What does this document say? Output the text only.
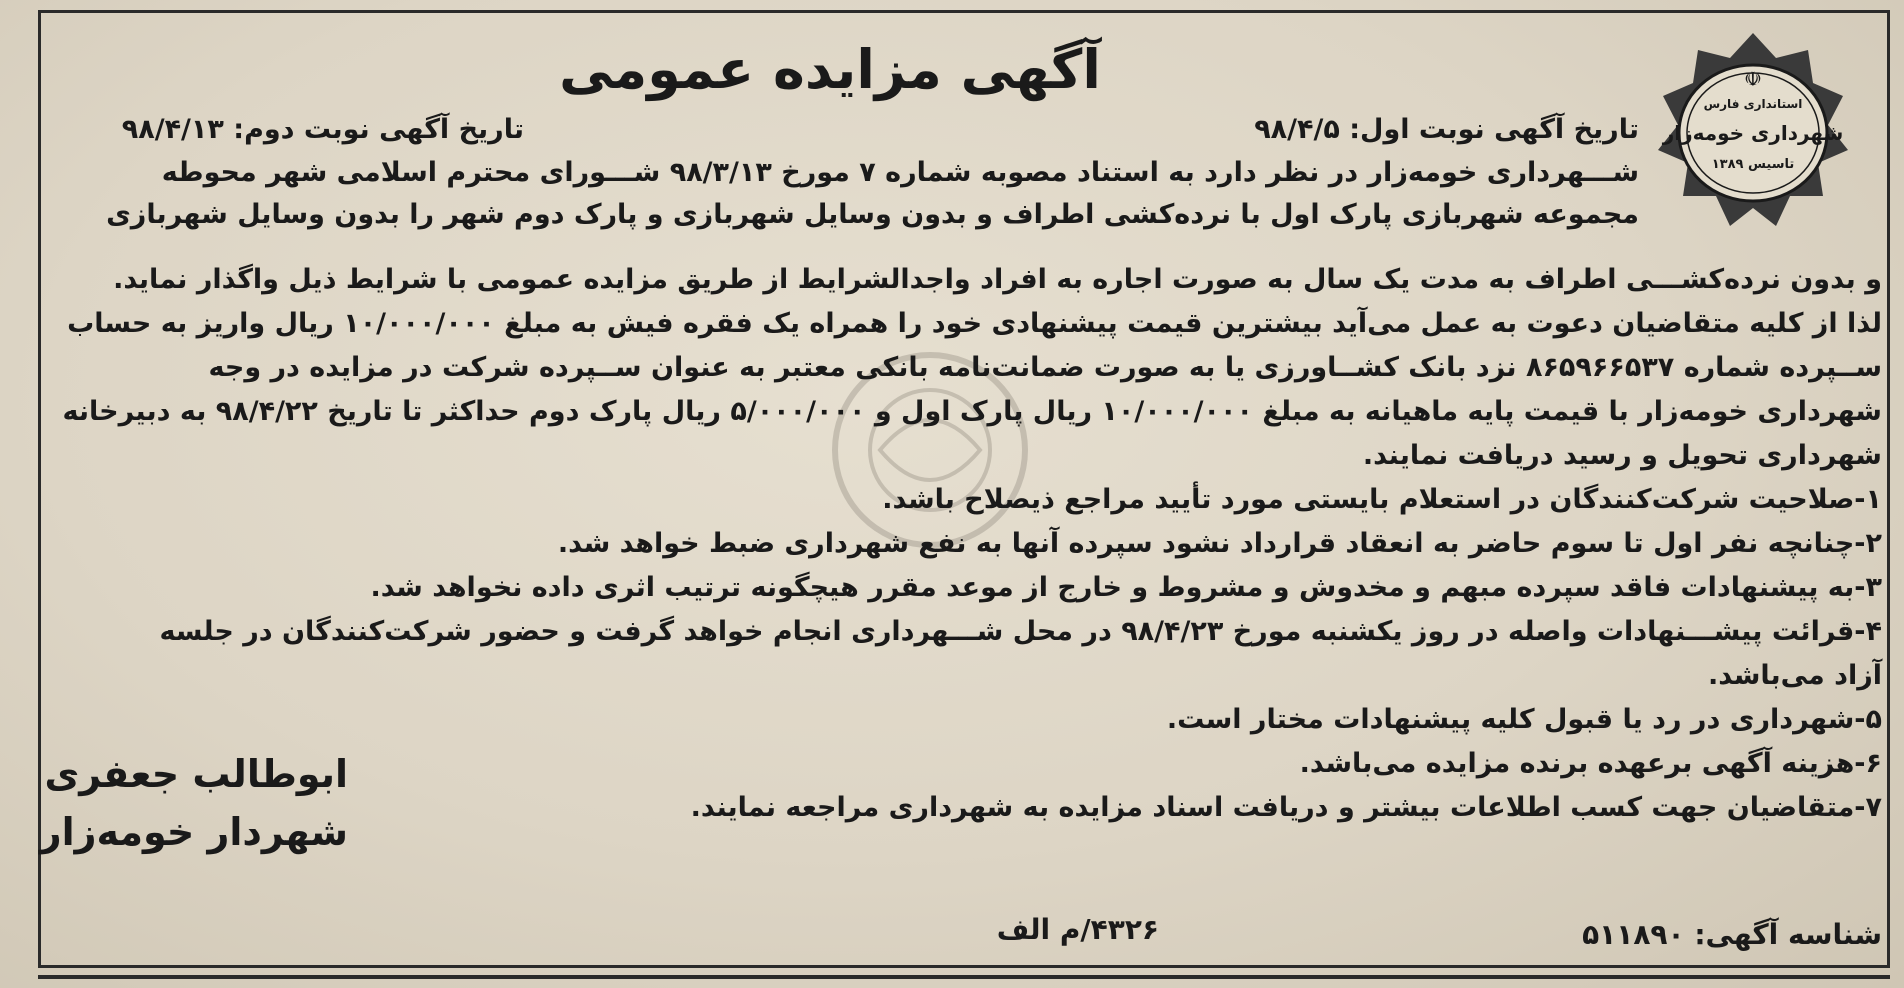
☫
استانداری فارس
شهرداری خومه‌زار
تاسیس ۱۳۸۹
آگهی مزایده عمومی
تاریخ آگهی نوبت اول: ۹۸/۴/۵
تاریخ آگهی نوبت دوم: ۹۸/۴/۱۳
شـــهرداری خومه‌زار در نظر دارد به استناد مصوبه شماره ۷ مورخ ۹۸/۳/۱۳ شـــورای محترم اسلامی شهر محوطه
مجموعه شهربازی پارک اول با نرده‌کشی اطراف و بدون وسایل شهربازی و پارک دوم شهر را بدون وسایل شهربازی
و بدون نرده‌کشـــی اطراف به مدت یک سال به صورت اجاره به افراد واجدالشرایط از طریق مزایده عمومی با شرایط ذیل واگذار نماید.
لذا از کلیه متقاضیان دعوت به عمل می‌آید بیشترین قیمت پیشنهادی خود را همراه یک فقره فیش به مبلغ ۱۰/۰۰۰/۰۰۰ ریال واریز به حساب
ســپرده شماره ۸۶۵۹۶۶۵۳۷ نزد بانک کشــاورزی یا به صورت ضمانت‌نامه بانکی معتبر به عنوان ســپرده شرکت در مزایده در وجه
شهرداری خومه‌زار با قیمت پایه ماهیانه به مبلغ ۱۰/۰۰۰/۰۰۰ ریال پارک اول و ۵/۰۰۰/۰۰۰ ریال پارک دوم حداکثر تا تاریخ ۹۸/۴/۲۲ به دبیرخانه
شهرداری تحویل و رسید دریافت نمایند.
۱-صلاحیت شرکت‌کنندگان در استعلام بایستی مورد تأیید مراجع ذیصلاح باشد.
۲-چنانچه نفر اول تا سوم حاضر به انعقاد قرارداد نشود سپرده آنها به نفع شهرداری ضبط خواهد شد.
۳-به پیشنهادات فاقد سپرده مبهم و مخدوش و مشروط و خارج از موعد مقرر هیچگونه ترتیب اثری داده نخواهد شد.
۴-قرائت پیشـــنهادات واصله در روز یکشنبه مورخ ۹۸/۴/۲۳ در محل شـــهرداری انجام خواهد گرفت و حضور شرکت‌کنندگان در جلسه
آزاد می‌باشد.
۵-شهرداری در رد یا قبول کلیه پیشنهادات مختار است.
۶-هزینه آگهی برعهده برنده مزایده می‌باشد.
۷-متقاضیان جهت کسب اطلاعات بیشتر و دریافت اسناد مزایده به شهرداری مراجعه نمایند.
ابوطالب جعفری
شهردار خومه‌زار
شناسه آگهی: ۵۱۱۸۹۰
۴۳۲۶/م الف
